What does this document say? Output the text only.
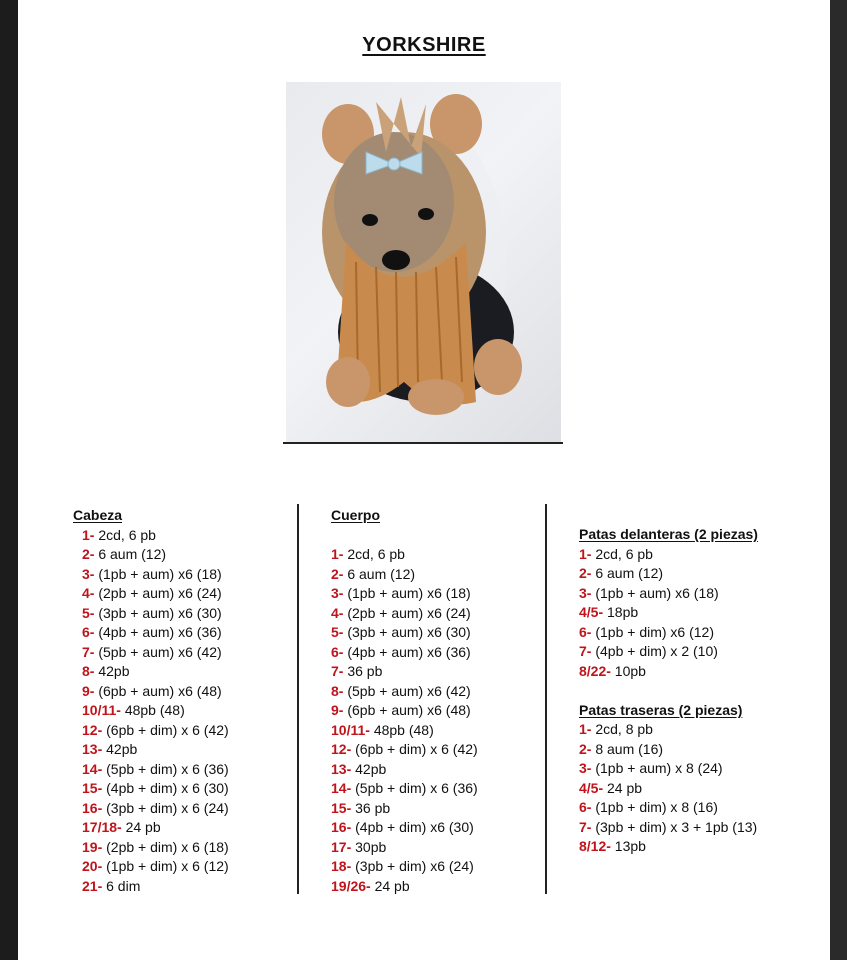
YORKSHIRE
Cabeza
1- 2cd, 6 pb
2- 6 aum (12)
3- (1pb + aum) x6 (18)
4- (2pb + aum) x6 (24)
5- (3pb + aum) x6 (30)
6- (4pb + aum) x6 (36)
7- (5pb + aum) x6 (42)
8- 42pb
9- (6pb + aum) x6 (48)
10/11- 48pb (48)
12- (6pb + dim) x 6 (42)
13- 42pb
14- (5pb + dim) x 6 (36)
15- (4pb + dim) x 6 (30)
16- (3pb + dim) x 6 (24)
17/18- 24 pb
19- (2pb + dim) x 6 (18)
20- (1pb + dim) x 6 (12)
21- 6 dim
Cuerpo
1- 2cd, 6 pb
2- 6 aum (12)
3- (1pb + aum) x6 (18)
4- (2pb + aum) x6 (24)
5- (3pb + aum) x6 (30)
6- (4pb + aum) x6 (36)
7- 36 pb
8- (5pb + aum) x6 (42)
9- (6pb + aum) x6 (48)
10/11- 48pb (48)
12- (6pb + dim) x 6 (42)
13- 42pb
14- (5pb + dim) x 6 (36)
15- 36 pb
16- (4pb + dim) x6 (30)
17- 30pb
18- (3pb + dim) x6 (24)
19/26- 24 pb
Patas delanteras (2 piezas)
1- 2cd, 6 pb
2- 6 aum (12)
3- (1pb + aum) x6 (18)
4/5- 18pb
6- (1pb + dim) x6 (12)
7- (4pb + dim) x 2 (10)
8/22- 10pb
Patas traseras (2 piezas)
1- 2cd, 8 pb
2- 8 aum (16)
3- (1pb + aum) x 8 (24)
4/5- 24 pb
6- (1pb + dim) x 8 (16)
7- (3pb + dim) x 3 + 1pb (13)
8/12- 13pb
